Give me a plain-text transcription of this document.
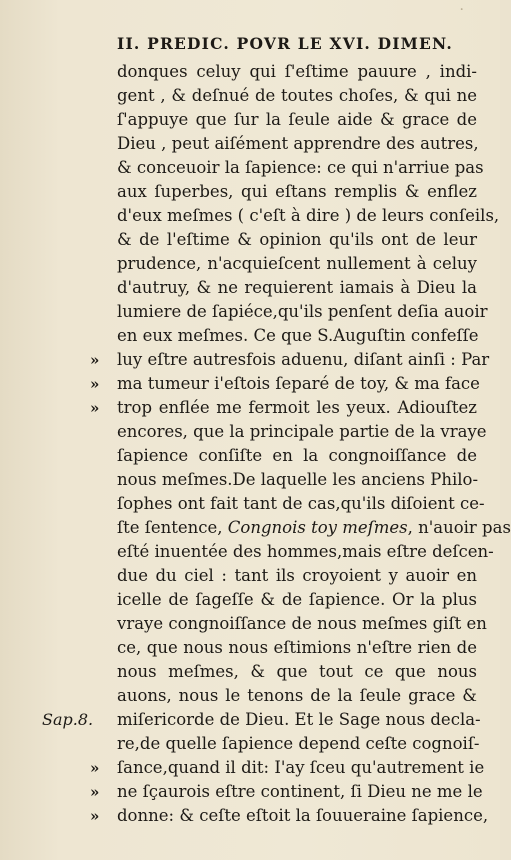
·
II. PREDIC. POVR LE XVI. DIMEN.
donques celuy qui ſ'eſtime pauure , indi-
gent , & deſnué de toutes choſes, & qui ne
ſ'appuye que ſur la ſeule aide & grace de
Dieu , peut aiſément apprendre des autres,
& conceuoir la ſapience: ce qui n'arriue pas
aux ſuperbes, qui eſtans remplis & enflez
d'eux meſmes ( c'eſt à dire ) de leurs conſeils,
& de l'eſtime & opinion qu'ils ont de leur
prudence, n'acquieſcent nullement à celuy
d'autruy, & ne requierent iamais à Dieu la
lumiere de ſapiéce,qu'ils penſent deſia auoir
en eux meſmes. Ce que S.Auguſtin confeſſe
luy eſtre autresfois aduenu, diſant ainſi : Par
ma tumeur i'eſtois ſeparé de toy, & ma face
trop enflée me fermoit les yeux. Adiouſtez
encores, que la principale partie de la vraye
ſapience conſiſte en la congnoiſſance de
nous meſmes.De laquelle les anciens Philo-
ſophes ont fait tant de cas,qu'ils diſoient ce-
ſte ſentence, Congnois toy meſmes, n'auoir pas
eſté inuentée des hommes,mais eſtre deſcen-
due du ciel : tant ils croyoient y auoir en
icelle de ſageſſe & de ſapience. Or la plus
vraye congnoiſſance de nous meſmes giſt en
ce, que nous nous eſtimions n'eſtre rien de
nous meſmes, & que tout ce que nous
auons, nous le tenons de la ſeule grace &
miſericorde de Dieu. Et le Sage nous decla-
re,de quelle ſapience depend ceſte cognoiſ-
ſance,quand il dit: I'ay ſceu qu'autrement ie
ne ſçaurois eſtre continent, ſi Dieu ne me le
donne: & ceſte eſtoit la ſouueraine ſapience,
»
»
»
»
»
»
Sap.8.
